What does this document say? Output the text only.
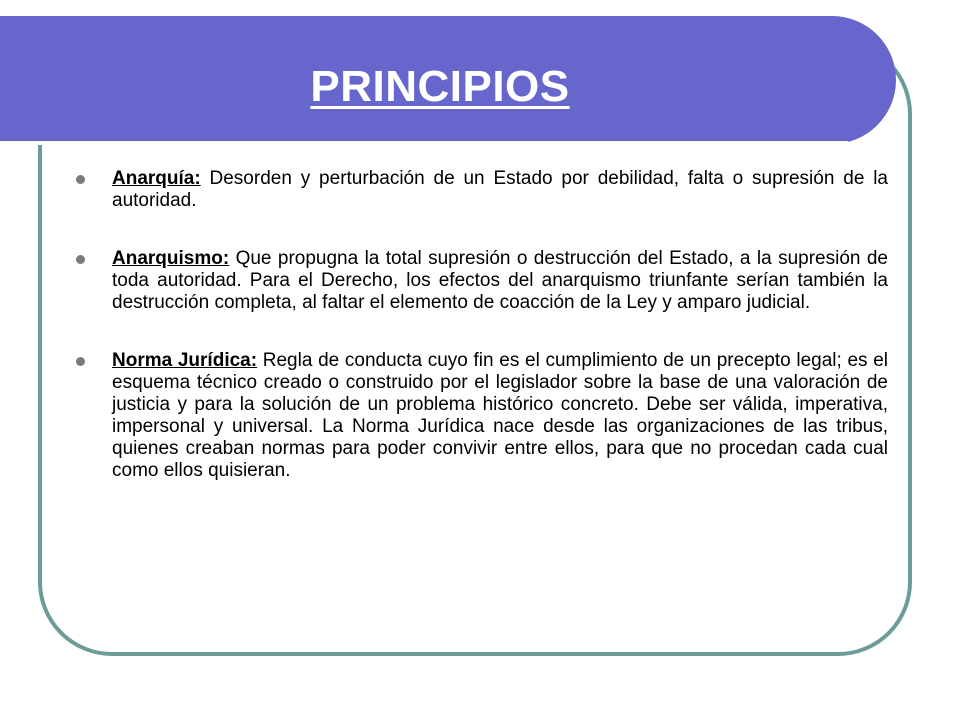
PRINCIPIOS

Anarquía: Desorden y perturbación de un Estado por debilidad, falta o supresión de la autoridad.

Anarquismo: Que propugna la total supresión o destrucción del Estado, a la supresión de toda autoridad. Para el Derecho, los efectos del anarquismo triunfante serían también la destrucción completa, al faltar el elemento de coacción de la Ley y amparo judicial.

Norma Jurídica: Regla de conducta cuyo fin es el cumplimiento de un precepto legal; es el esquema técnico creado o construido por el legislador sobre la base de una valoración de justicia y para la solución de un problema histórico concreto. Debe ser válida, imperativa, impersonal y universal. La Norma Jurídica nace desde las organizaciones de las tribus, quienes creaban normas para poder convivir entre ellos, para que no procedan cada cual como ellos quisieran.
